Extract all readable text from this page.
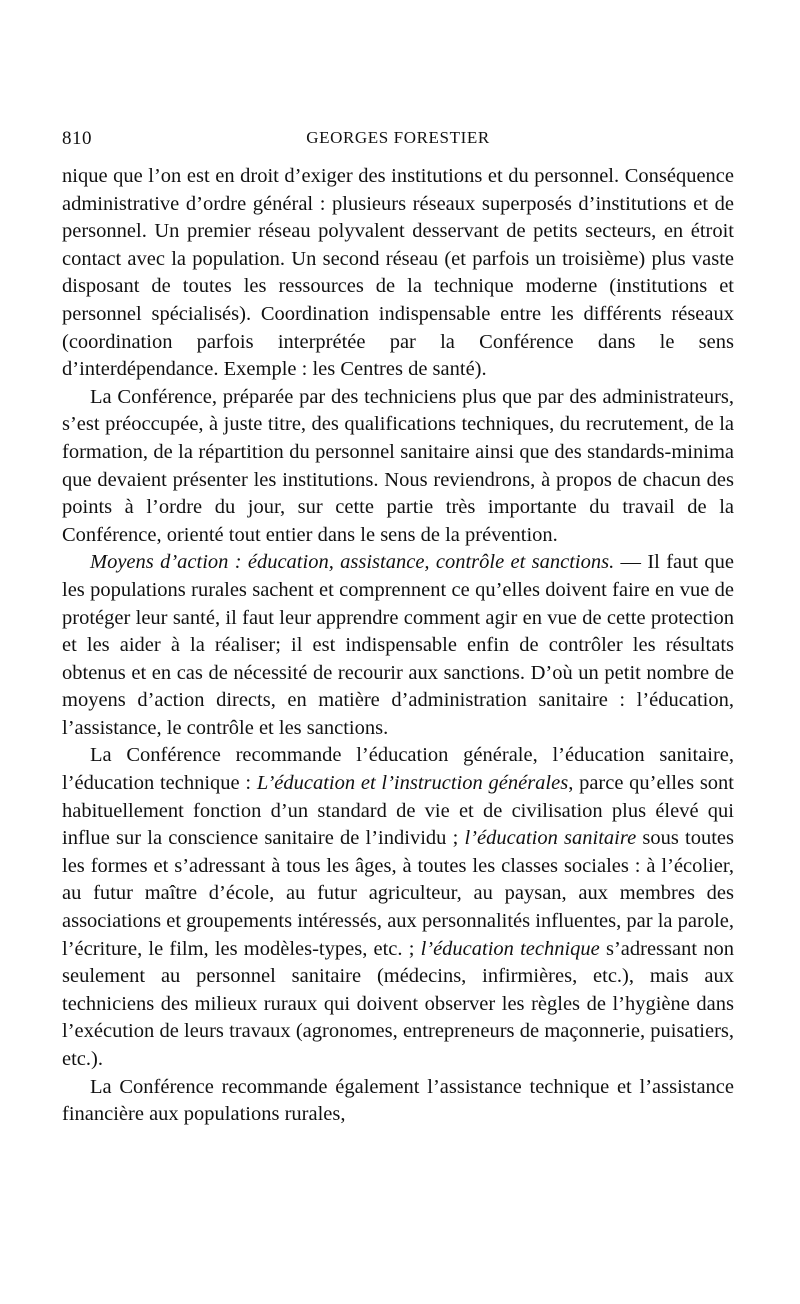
810	GEORGES FORESTIER

nique que l’on est en droit d’exiger des institutions et du personnel. Conséquence administrative d’ordre général : plusieurs réseaux superposés d’institutions et de personnel. Un premier réseau polyvalent desservant de petits secteurs, en étroit contact avec la population. Un second réseau (et parfois un troisième) plus vaste disposant de toutes les ressources de la technique moderne (institutions et personnel spécialisés). Coordination indispensable entre les différents réseaux (coordination parfois interprétée par la Conférence dans le sens d’interdépendance. Exemple : les Centres de santé).

La Conférence, préparée par des techniciens plus que par des administrateurs, s’est préoccupée, à juste titre, des qualifications techniques, du recrutement, de la formation, de la répartition du personnel sanitaire ainsi que des standards-minima que devaient présenter les institutions. Nous reviendrons, à propos de chacun des points à l’ordre du jour, sur cette partie très importante du travail de la Conférence, orienté tout entier dans le sens de la prévention.

Moyens d’action : éducation, assistance, contrôle et sanctions. — Il faut que les populations rurales sachent et comprennent ce qu’elles doivent faire en vue de protéger leur santé, il faut leur apprendre comment agir en vue de cette protection et les aider à la réaliser; il est indispensable enfin de contrôler les résultats obtenus et en cas de nécessité de recourir aux sanctions. D’où un petit nombre de moyens d’action directs, en matière d’administration sanitaire : l’éducation, l’assistance, le contrôle et les sanctions.

La Conférence recommande l’éducation générale, l’éducation sanitaire, l’éducation technique : L’éducation et l’instruction générales, parce qu’elles sont habituellement fonction d’un standard de vie et de civilisation plus élevé qui influe sur la conscience sanitaire de l’individu ; l’éducation sanitaire sous toutes les formes et s’adressant à tous les âges, à toutes les classes sociales : à l’écolier, au futur maître d’école, au futur agriculteur, au paysan, aux membres des associations et groupements intéressés, aux personnalités influentes, par la parole, l’écriture, le film, les modèles-types, etc. ; l’éducation technique s’adressant non seulement au personnel sanitaire (médecins, infirmières, etc.), mais aux techniciens des milieux ruraux qui doivent observer les règles de l’hygiène dans l’exécution de leurs travaux (agronomes, entrepreneurs de maçonnerie, puisatiers, etc.).

La Conférence recommande également l’assistance technique et l’assistance financière aux populations rurales,
